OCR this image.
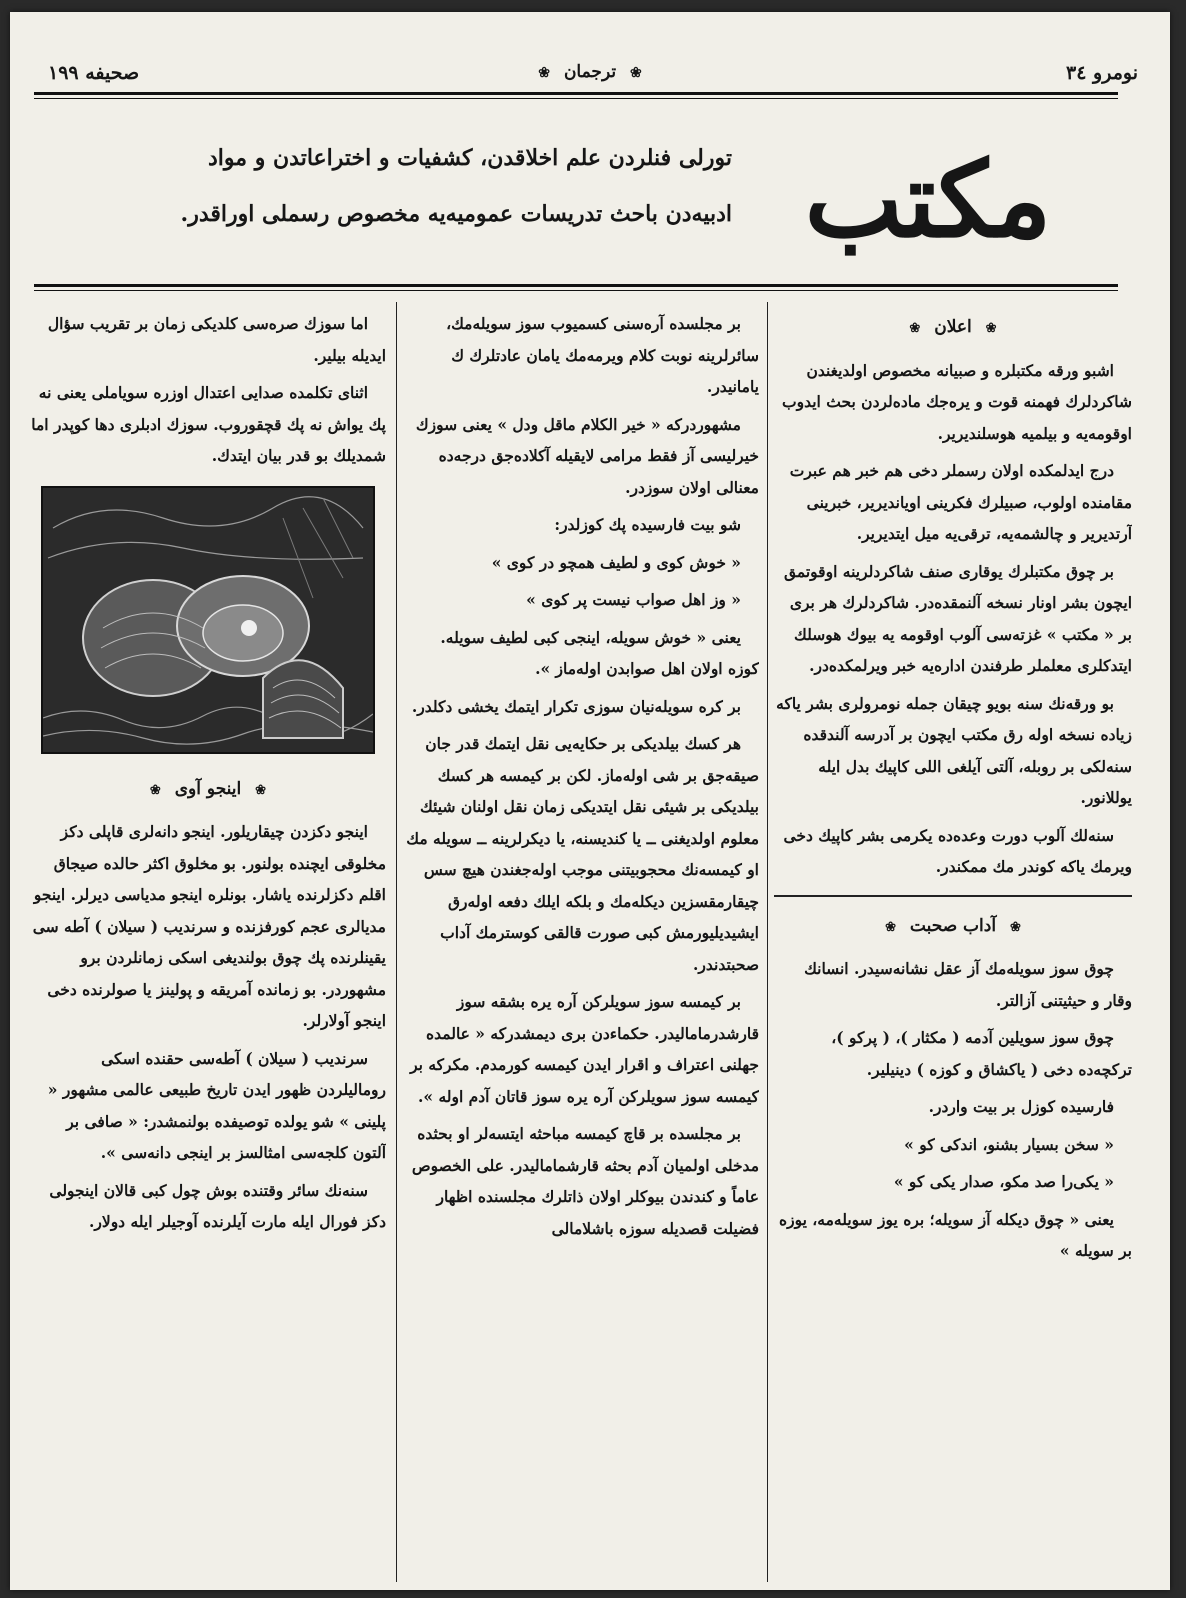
نومرو ٣٤
❀ ترجمان ❀
صحیفه ١٩٩
مکتب
تورلی فنلردن علم اخلاقدن، کشفیات و اختراعاتدن و مواد
ادبیه‌دن باحث تدریسات عمومیه‌یه مخصوص رسملی اوراقدر.
❀ اعلان ❀

اشبو ورقه مکتبلره و صبیانه مخصوص اولدیغندن شاکردلرك فهمنه قوت و یره‌جك ماده‌لردن بحث ایدوب اوقومه‌یه و بیلمیه هوسلندیریر.

درج ایدلمکده اولان رسملر دخی هم خبر هم عبرت مقامنده اولوب، صبیلرك فکرینی اویاندیریر، خبرینی آرتدیریر و چالشمه‌یه، ترقی‌یه میل ایتدیریر.

بر چوق مکتبلرك یوقاری صنف شاکردلرینه اوقوتمق ایچون بشر اونار نسخه آلنمقده‌در. شاکردلرك هر بری بر « مکتب » غزته‌سی آلوب اوقومه یه بیوك هوسلك ایتدکلری معلملر طرفندن اداره‌یه خبر ویرلمکده‌در.

بو ورقه‌نك سنه بویو چیقان جمله نومرولری بشر یاکه زیاده نسخه اوله رق مکتب ایچون بر آدرسه آلندقده سنه‌لکی بر روبله، آلتی آیلغی اللی کاپیك بدل ایله یوللانور.

سنه‌لك آلوب دورت وعده‌ده یکرمی بشر کاپیك دخی ویرمك یاکه کوندر مك ممکندر.

❀ آداب صحبت ❀

چوق سوز سویله‌مك آز عقل نشانه‌سیدر. انسانك وقار و حیثیتنی آزالتر.

چوق سوز سویلین آدمه ( مکثار )، ( پرکو )، ترکچه‌ده دخی ( یاکشاق و کوزه ) دینیلیر.

فارسیده کوزل بر بیت واردر.

« سخن بسیار بشنو، اندکی کو »

« یکی‌را صد مکو، صدار یکی کو »

یعنی « چوق دیکله آز سویله؛ بره یوز سویله‌مه، یوزه بر سویله »

بر مجلسده آره‌سنی کسمیوب سوز سویله‌مك، سائرلرینه نوبت کلام ویرمه‌مك یامان عادتلرك ك یامانیدر.

مشهوردرکه « خیر الکلام ماقل ودل » یعنی سوزك خیرلیسی آز فقط مرامی لایقیله آکلاده‌جق درجه‌ده معنالی اولان سوزدر.

شو بیت فارسیده پك کوزلدر:

« خوش کوی و لطیف همچو در کوی »

« وز اهل صواب نیست پر کوی »

یعنی « خوش سویله، اینجی کبی لطیف سویله. کوزه اولان اهل صوابدن اوله‌ماز ».

بر کره سویله‌نیان سوزی تکرار ایتمك یخشی دکلدر.

هر کسك بیلدیکی بر حکایه‌یی نقل ایتمك قدر جان صیقه‌جق بر شی اوله‌ماز. لکن بر کیمسه هر کسك بیلدیکی بر شیئی نقل ایتدیکی زمان نقل اولنان شیئك معلوم اولدیغنی ــ یا کندیسنه، یا دیکرلرینه ــ سویله مك او کیمسه‌نك محجوبیتنی موجب اوله‌جغندن هیچ سس چیقارمقسزین دیکله‌مك و بلکه ایلك دفعه اوله‌رق ایشیدیلیورمش کبی صورت قالقی کوسترمك آداب صحبتدندر.

بر کیمسه سوز سویلرکن آره یره بشقه سوز قارشدرمامالیدر. حکماءدن بری دیمشدرکه « عالمده جهلنی اعتراف و اقرار ایدن کیمسه کورمدم. مکرکه بر کیمسه سوز سویلرکن آره یره سوز قاتان آدم اوله ».

بر مجلسده بر قاچ کیمسه مباحثه ایتسه‌لر او بحثده مدخلی اولمیان آدم بحثه قارشمامالیدر. علی الخصوص عاماً و کندندن بیوکلر اولان ذاتلرك مجلسنده اظهار فضیلت قصدیله سوزه باشلامالی

اما سوزك صره‌سی کلدیکی زمان بر تقریب سؤال ایدیله بیلیر.

اثنای تکلمده صدایی اعتدال اوزره سویاملی یعنی نه پك یواش نه پك قچقوروب. سوزك ادبلری دها کوپدر اما شمدیلك بو قدر بیان ایتدك.

❀ اینجو آوی ❀

اینجو دکزدن چیقاریلور. اینجو دانه‌لری قاپلی دکز مخلوقی ایچنده بولنور. بو مخلوق اکثر حالده صیجاق اقلم دکزلرنده یاشار. بونلره اینجو مدیاسی دیرلر. اینجو مدیالری عجم کورفزنده و سرندیب ( سیلان ) آطه سی یقینلرنده پك چوق بولندیغی اسکی زمانلردن برو مشهوردر. بو زمانده آمریقه و پولینز یا صولرنده دخی اینجو آولارلر.

سرندیب ( سیلان ) آطه‌سی حقنده اسکی روماليلردن ظهور ایدن تاریخ طبیعی عالمی مشهور « پلینی » شو یولده توصیفده بولنمشدر: « صافی بر آلتون کلجه‌سی امثالسز بر اینجی دانه‌سی ».

سنه‌نك سائر وقتنده بوش چول کبی قالان اینجولی دکز فورال ایله مارت آیلرنده آوجیلر ایله دولار.
